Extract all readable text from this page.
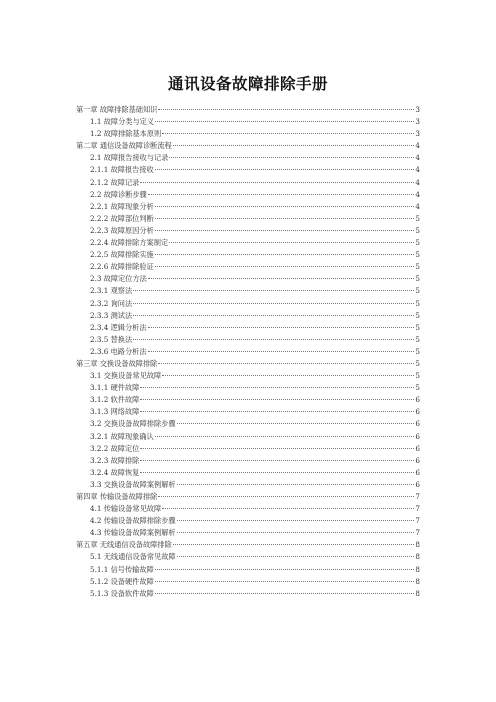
通讯设备故障排除手册
第一章 故障排除基础知识	3
1.1 故障分类与定义	3
1.2 故障排除基本原则	3
第二章 通信设备故障诊断流程	4
2.1 故障报告接收与记录	4
2.1.1 故障报告接收	4
2.1.2 故障记录	4
2.2 故障诊断步骤	4
2.2.1 故障现象分析	4
2.2.2 故障部位判断	5
2.2.3 故障原因分析	5
2.2.4 故障排除方案制定	5
2.2.5 故障排除实施	5
2.2.6 故障排除验证	5
2.3 故障定位方法	5
2.3.1 观察法	5
2.3.2 询问法	5
2.3.3 测试法	5
2.3.4 逻辑分析法	5
2.3.5 替换法	5
2.3.6 电路分析法	5
第三章 交换设备故障排除	5
3.1 交换设备常见故障	5
3.1.1 硬件故障	5
3.1.2 软件故障	6
3.1.3 网络故障	6
3.2 交换设备故障排除步骤	6
3.2.1 故障现象确认	6
3.2.2 故障定位	6
3.2.3 故障排除	6
3.2.4 故障恢复	6
3.3 交换设备故障案例解析	6
第四章 传输设备故障排除	7
4.1 传输设备常见故障	7
4.2 传输设备故障排除步骤	7
4.3 传输设备故障案例解析	7
第五章 无线通信设备故障排除	8
5.1 无线通信设备常见故障	8
5.1.1 信号传输故障	8
5.1.2 设备硬件故障	8
5.1.3 设备软件故障	8
